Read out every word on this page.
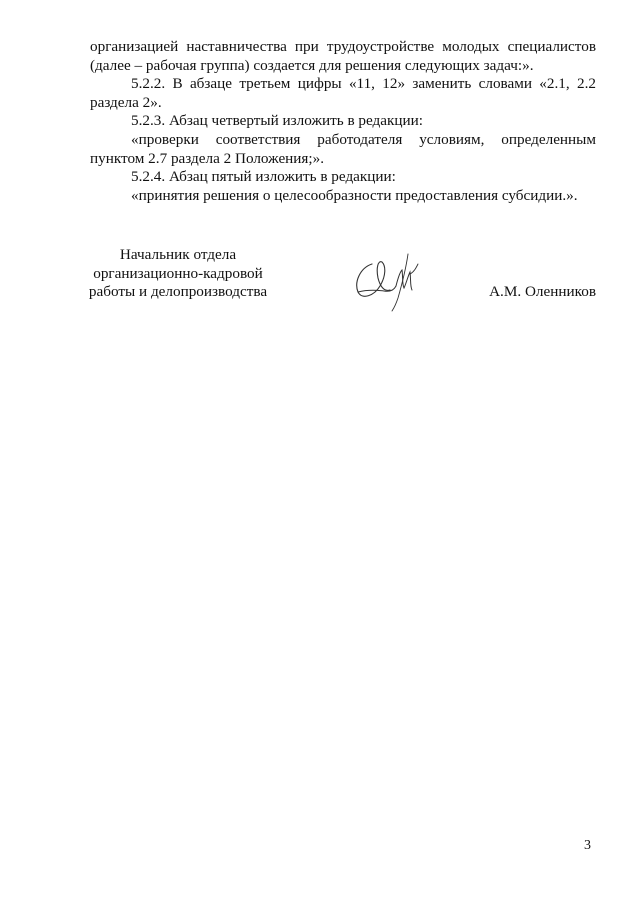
организацией наставничества при трудоустройстве молодых специалистов (далее – рабочая группа) создается для решения следующих задач:».

5.2.2. В абзаце третьем цифры «11, 12» заменить словами «2.1, 2.2 раздела 2».

5.2.3. Абзац четвертый изложить в редакции:

«проверки соответствия работодателя условиям, определенным пунктом 2.7 раздела 2 Положения;».

5.2.4. Абзац пятый изложить в редакции:

«принятия решения о целесообразности предоставления субсидии.».

Начальник отдела
организационно-кадровой
работы и делопроизводства	А.М. Оленников
3
